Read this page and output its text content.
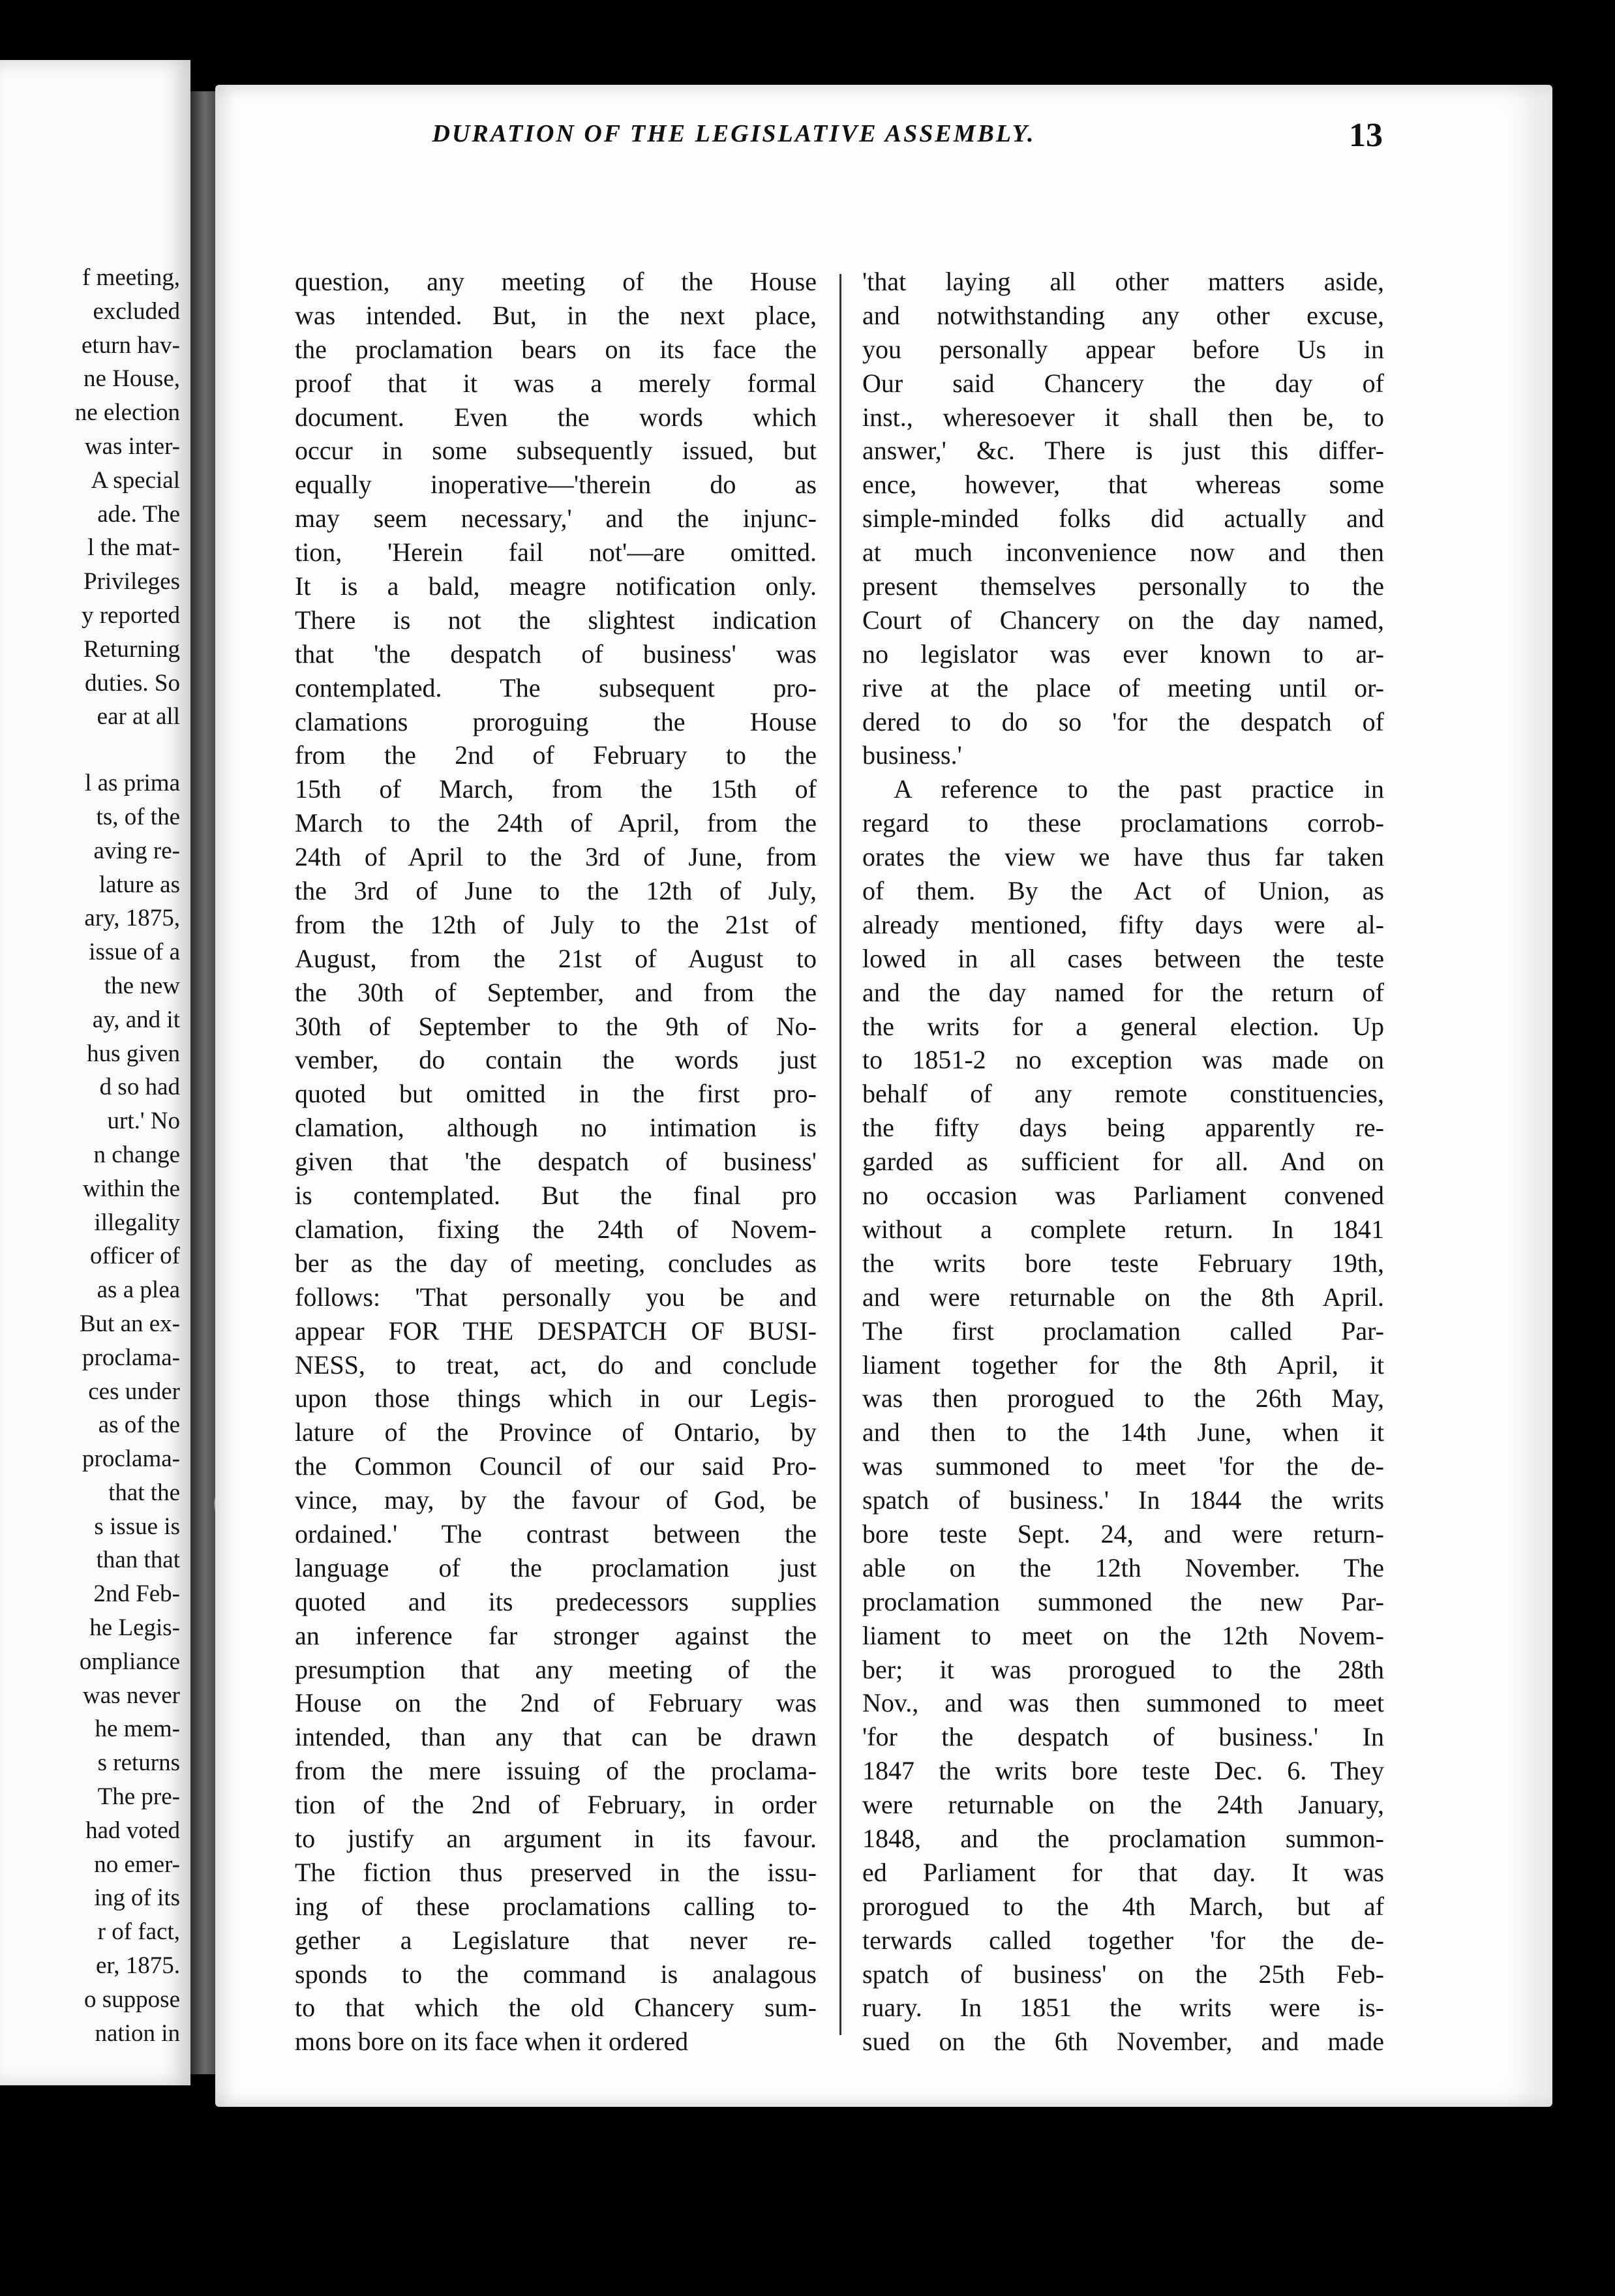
f meeting,
excluded
eturn hav-
ne House,
ne election
was inter-
A special
ade. The
l the mat-
Privileges
y reported
Returning
duties. So
ear at all
l as prima
ts, of the
aving re-
lature as
ary, 1875,
issue of a
the new
ay, and it
hus given
d so had
urt.' No
n change
within the
illegality
officer of
as a plea
But an ex-
proclama-
ces under
as of the
proclama-
that the
s issue is
than that
2nd Feb-
he Legis-
ompliance
was never
he mem-
s returns
The pre-
had voted
no emer-
ing of its
r of fact,
er, 1875.
o suppose
nation in
DURATION OF THE LEGISLATIVE ASSEMBLY.	13
question, any meeting of the House
was intended. But, in the next place,
the proclamation bears on its face the
proof that it was a merely formal
document. Even the words which
occur in some subsequently issued, but
equally inoperative—'therein do as
may seem necessary,' and the injunc-
tion, 'Herein fail not'—are omitted.
It is a bald, meagre notification only.
There is not the slightest indication
that 'the despatch of business' was
contemplated. The subsequent pro-
clamations proroguing the House
from the 2nd of February to the
15th of March, from the 15th of
March to the 24th of April, from the
24th of April to the 3rd of June, from
the 3rd of June to the 12th of July,
from the 12th of July to the 21st of
August, from the 21st of August to
the 30th of September, and from the
30th of September to the 9th of No-
vember, do contain the words just
quoted but omitted in the first pro-
clamation, although no intimation is
given that 'the despatch of business'
is contemplated. But the final pro
clamation, fixing the 24th of Novem-
ber as the day of meeting, concludes as
follows: 'That personally you be and
appear FOR THE DESPATCH OF BUSI-
NESS, to treat, act, do and conclude
upon those things which in our Legis-
lature of the Province of Ontario, by
the Common Council of our said Pro-
vince, may, by the favour of God, be
ordained.' The contrast between the
language of the proclamation just
quoted and its predecessors supplies
an inference far stronger against the
presumption that any meeting of the
House on the 2nd of February was
intended, than any that can be drawn
from the mere issuing of the proclama-
tion of the 2nd of February, in order
to justify an argument in its favour.
The fiction thus preserved in the issu-
ing of these proclamations calling to-
gether a Legislature that never re-
sponds to the command is analagous
to that which the old Chancery sum-
mons bore on its face when it ordered
'that laying all other matters aside,
and notwithstanding any other excuse,
you personally appear before Us in
Our said Chancery the day of
inst., wheresoever it shall then be, to
answer,' &c. There is just this differ-
ence, however, that whereas some
simple-minded folks did actually and
at much inconvenience now and then
present themselves personally to the
Court of Chancery on the day named,
no legislator was ever known to ar-
rive at the place of meeting until or-
dered to do so 'for the despatch of
business.'
A reference to the past practice in
regard to these proclamations corrob-
orates the view we have thus far taken
of them. By the Act of Union, as
already mentioned, fifty days were al-
lowed in all cases between the teste
and the day named for the return of
the writs for a general election. Up
to 1851-2 no exception was made on
behalf of any remote constituencies,
the fifty days being apparently re-
garded as sufficient for all. And on
no occasion was Parliament convened
without a complete return. In 1841
the writs bore teste February 19th,
and were returnable on the 8th April.
The first proclamation called Par-
liament together for the 8th April, it
was then prorogued to the 26th May,
and then to the 14th June, when it
was summoned to meet 'for the de-
spatch of business.' In 1844 the writs
bore teste Sept. 24, and were return-
able on the 12th November. The
proclamation summoned the new Par-
liament to meet on the 12th Novem-
ber; it was prorogued to the 28th
Nov., and was then summoned to meet
'for the despatch of business.' In
1847 the writs bore teste Dec. 6. They
were returnable on the 24th January,
1848, and the proclamation summon-
ed Parliament for that day. It was
prorogued to the 4th March, but af
terwards called together 'for the de-
spatch of business' on the 25th Feb-
ruary. In 1851 the writs were is-
sued on the 6th November, and made
